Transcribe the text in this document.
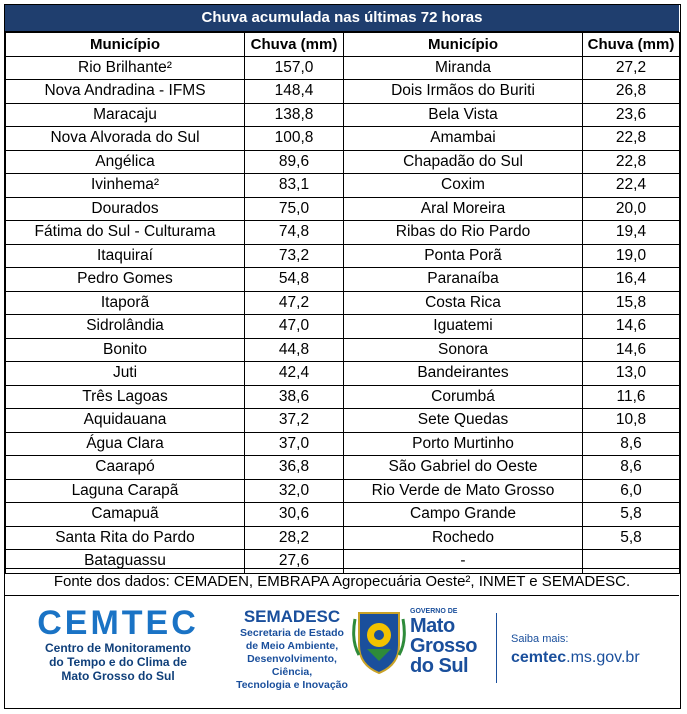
Chuva acumulada nas últimas 72 horas
Município	Chuva (mm)	Município	Chuva (mm)
Rio Brilhante²	157,0	Miranda	27,2
Nova Andradina - IFMS	148,4	Dois Irmãos do Buriti	26,8
Maracaju	138,8	Bela Vista	23,6
Nova Alvorada do Sul	100,8	Amambai	22,8
Angélica	89,6	Chapadão do Sul	22,8
Ivinhema²	83,1	Coxim	22,4
Dourados	75,0	Aral Moreira	20,0
Fátima do Sul - Culturama	74,8	Ribas do Rio Pardo	19,4
Itaquiraí	73,2	Ponta Porã	19,0
Pedro Gomes	54,8	Paranaíba	16,4
Itaporã	47,2	Costa Rica	15,8
Sidrolândia	47,0	Iguatemi	14,6
Bonito	44,8	Sonora	14,6
Juti	42,4	Bandeirantes	13,0
Três Lagoas	38,6	Corumbá	11,6
Aquidauana	37,2	Sete Quedas	10,8
Água Clara	37,0	Porto Murtinho	8,6
Caarapó	36,8	São Gabriel do Oeste	8,6
Laguna Carapã	32,0	Rio Verde de Mato Grosso	6,0
Camapuã	30,6	Campo Grande	5,8
Santa Rita do Pardo	28,2	Rochedo	5,8
Bataguassu	27,6	-	
Fonte dos dados: CEMADEN, EMBRAPA Agropecuária Oeste², INMET e SEMADESC.
CEMTEC
Centro de Monitoramento
do Tempo e do Clima de
Mato Grosso do Sul
SEMADESC
Secretaria de Estado
de Meio Ambiente,
Desenvolvimento, Ciência,
Tecnologia e Inovação
GOVERNO DE
Mato
Grosso
do Sul
Saiba mais:
cemtec.ms.gov.br
